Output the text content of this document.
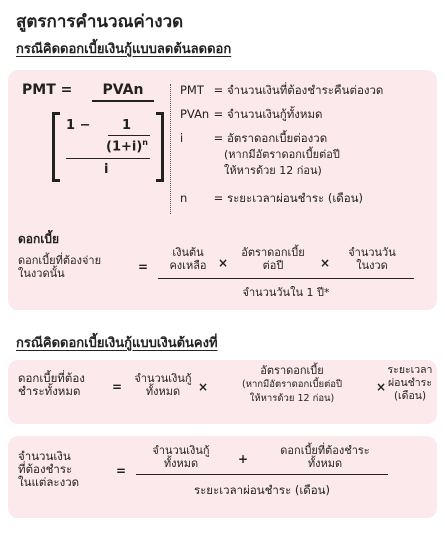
สูตรการคำนวณค่างวด
กรณีคิดดอกเบี้ยเงินกู้แบบลดต้นลดดอก
PMT =	PVAn
1 − 1
$(1+i)^n$
i
PMT = จำนวนเงินที่ต้องชำระคืนต่องวด
PVAn = จำนวนเงินกู้ทั้งหมด
i	= อัตราดอกเบี้ยต่องวด
(หากมีอัตราดอกเบี้ยต่อปี
ให้หารด้วย 12 ก่อน)
n = ระยะเวลาผ่อนชำระ (เดือน)
ดอกเบี้ย
ดอกเบี้ยที่ต้องจ่าย
ในงวดนั้น	=
เงินต้น
คงเหลือ ×
อัตราดอกเบี้ย
ต่อปี	×
จำนวนวัน
ในงวด
จำนวนวันใน 1 ปี*
กรณีคิดดอกเบี้ยเงินกู้แบบเงินต้นคงที่
ดอกเบี้ยที่ต้อง
ชำระทั้งหมด	=
จำนวนเงินกู้
ทั้งหมด	×
อัตราดอกเบี้ย
(หากมีอัตราดอกเบี้ยต่อปี
ให้หารด้วย 12 ก่อน)
×
ระยะเวลา
ผ่อนชำระ
(เดือน)
จำนวนเงิน
ที่ต้องชำระ
ในแต่ละงวด
=
จำนวนเงินกู้
ทั้งหมด	+
ดอกเบี้ยที่ต้องชำระ
ทั้งหมด
ระยะเวลาผ่อนชำระ (เดือน)
